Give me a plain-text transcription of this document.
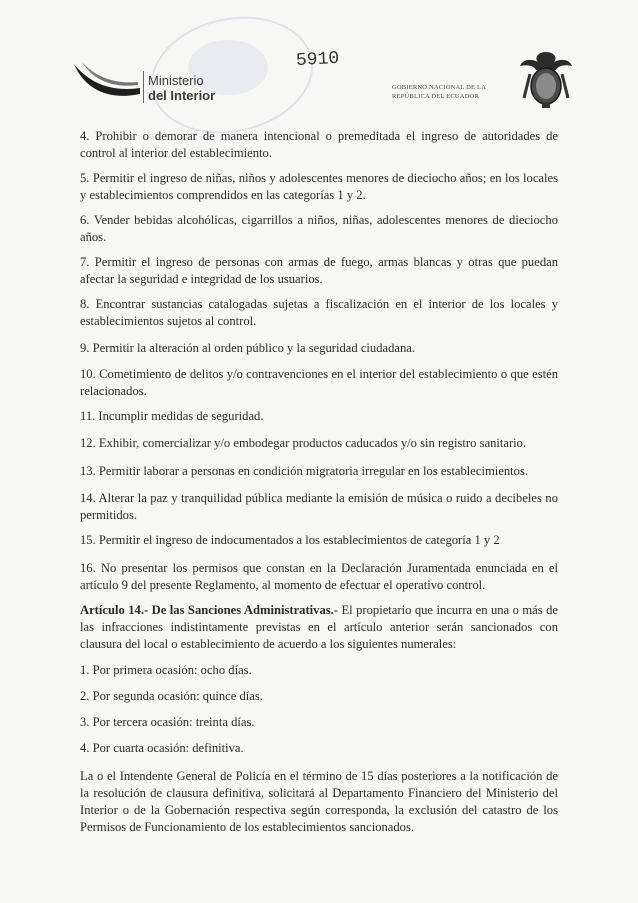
Ministerio
del Interior
5910
GOBIERNO NACIONAL DE LA
REPÚBLICA DEL ECUADOR

4. Prohibir o demorar de manera intencional o premeditada el ingreso de autoridades de control al interior del establecimiento.

5. Permitir el ingreso de niñas, niños y adolescentes menores de dieciocho años; en los locales y establecimientos comprendidos en las categorías 1 y 2.

6. Vender bebidas alcohólicas, cigarrillos a niños, niñas, adolescentes menores de dieciocho años.

7. Permitir el ingreso de personas con armas de fuego, armas blancas y otras que puedan afectar la seguridad e integridad de los usuarios.

8. Encontrar sustancias catalogadas sujetas a fiscalización en el interior de los locales y establecimientos sujetos al control.

9. Permitir la alteración al orden público y la seguridad ciudadana.

10. Cometimiento de delitos y/o contravenciones en el interior del establecimiento o que estén relacionados.

11. Incumplir medidas de seguridad.

12. Exhibir, comercializar y/o embodegar productos caducados y/o sin registro sanitario.

13. Permitir laborar a personas en condición migratoria irregular en los establecimientos.

14. Alterar la paz y tranquilidad pública mediante la emisión de música o ruido a decibeles no permitidos.

15. Permitir el ingreso de indocumentados a los establecimientos de categoría 1 y 2

16. No presentar los permisos que constan en la Declaración Juramentada enunciada en el artículo 9 del presente Reglamento, al momento de efectuar el operativo control.

Artículo 14.- De las Sanciones Administrativas.- El propietario que incurra en una o más de las infracciones indistintamente previstas en el artículo anterior serán sancionados con clausura del local o establecimiento de acuerdo a los siguientes numerales:

1. Por primera ocasión: ocho días.

2. Por segunda ocasión: quince días.

3. Por tercera ocasión: treinta días.

4. Por cuarta ocasión: definitiva.

La o el Intendente General de Policía en el término de 15 días posteriores a la notificación de la resolución de clausura definitiva, solicitará al Departamento Financiero del Ministerio del Interior o de la Gobernación respectiva según corresponda, la exclusión del catastro de los Permisos de Funcionamiento de los establecimientos sancionados.
